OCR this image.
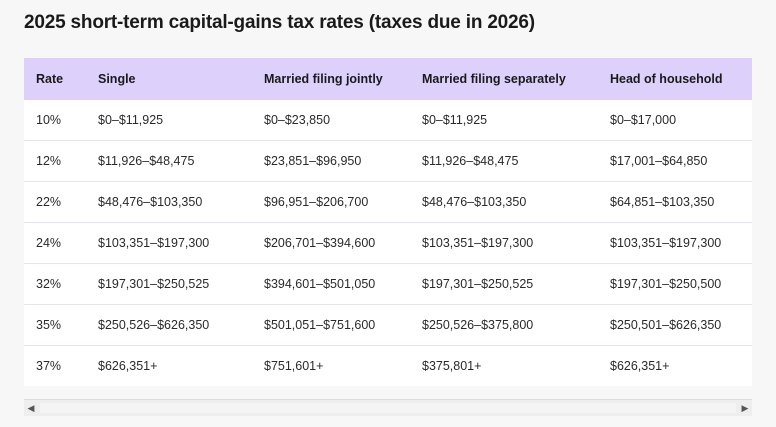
2025 short-term capital-gains tax rates (taxes due in 2026)
Rate	Single	Married filing jointly	Married filing separately	Head of household
10%	$0–$11,925	$0–$23,850	$0–$11,925	$0–$17,000
12%	$11,926–$48,475	$23,851–$96,950	$11,926–$48,475	$17,001–$64,850
22%	$48,476–$103,350	$96,951–$206,700	$48,476–$103,350	$64,851–$103,350
24%	$103,351–$197,300	$206,701–$394,600	$103,351–$197,300	$103,351–$197,300
32%	$197,301–$250,525	$394,601–$501,050	$197,301–$250,525	$197,301–$250,500
35%	$250,526–$626,350	$501,051–$751,600	$250,526–$375,800	$250,501–$626,350
37%	$626,351+	$751,601+	$375,801+	$626,351+
◀	▶
